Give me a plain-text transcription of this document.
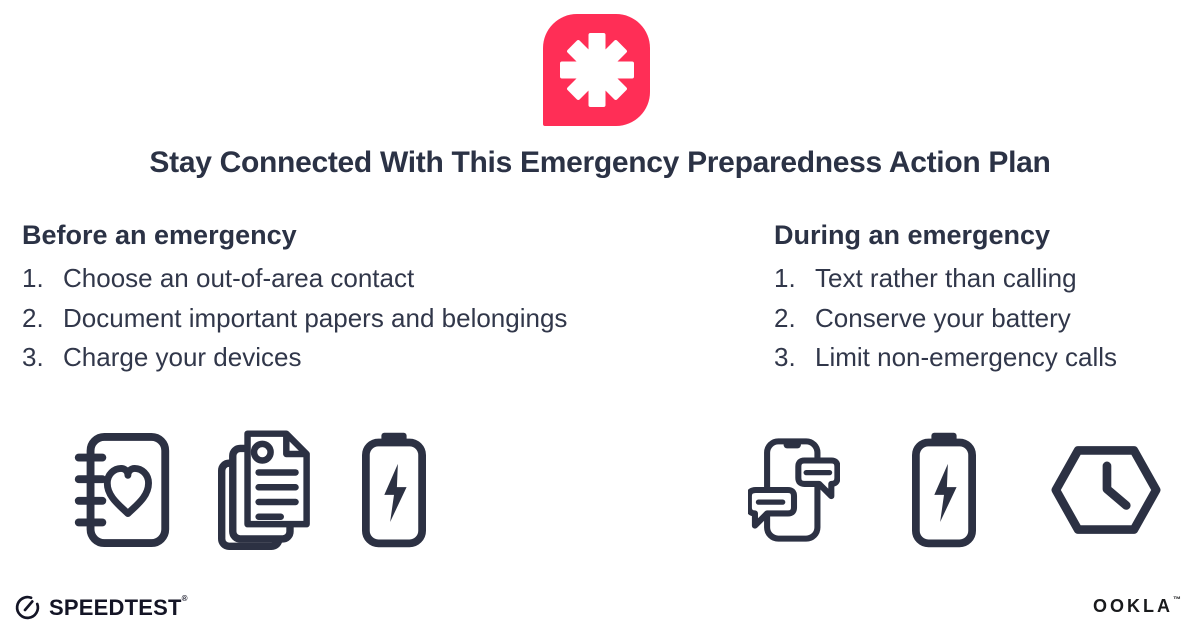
Stay Connected With This Emergency Preparedness Action Plan
Before an emergency
1. Choose an out-of-area contact
2. Document important papers and belongings
3. Charge your devices
During an emergency
1. Text rather than calling
2. Conserve your battery
3. Limit non-emergency calls
SPEEDTEST®	OOKLA™
